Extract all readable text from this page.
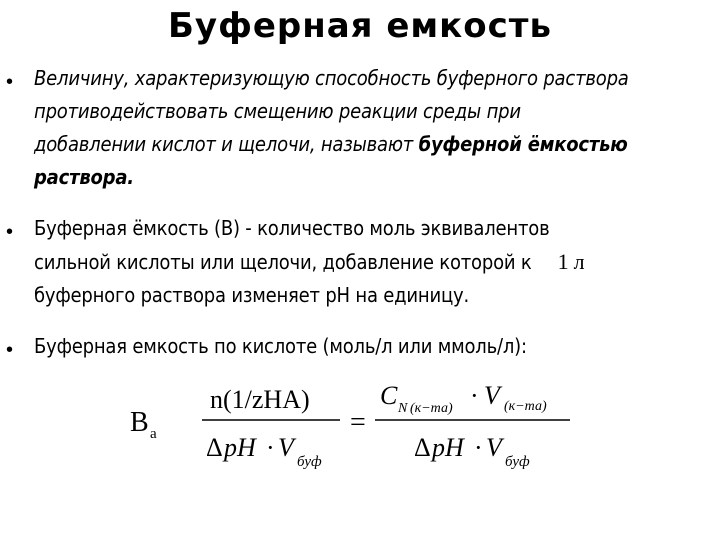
Буферная емкость
• Величину, характеризующую способность буферного раствора
противодействовать смещению реакции среды при
добавлении кислот и щелочи, называют буферной ёмкостью
раствора.
• Буферная ёмкость (В) - количество моль эквивалентов
сильной кислоты или щелочи, добавление которой к 1 л
буферного раствора изменяет рН на единицу.
• Буферная емкость по кислоте (моль/л или ммоль/л):
B a
n(1/zHA)
Δ pH · V буф
=
C N (к−та) · V (к−та)
Δ pH · V буф
